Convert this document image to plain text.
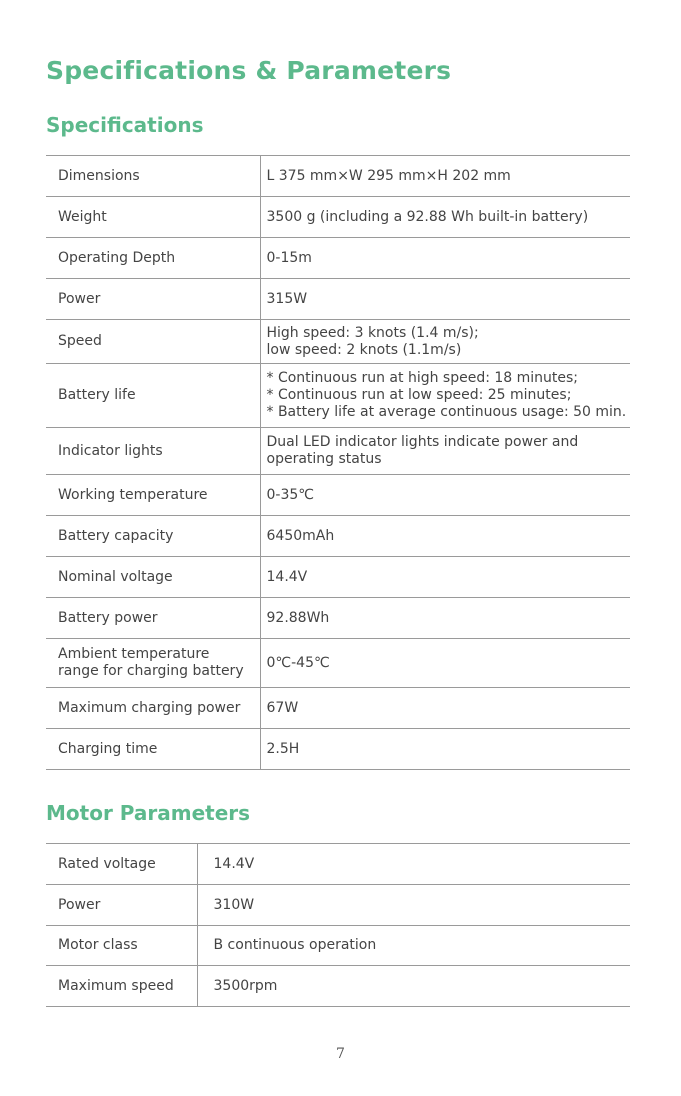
Specifications & Parameters
Specifications
Dimensions	L 375 mm×W 295 mm×H 202 mm
Weight	3500 g (including a 92.88 Wh built-in battery)
Operating Depth	0-15m
Power	315W
Speed	High speed: 3 knots (1.4 m/s);
low speed: 2 knots (1.1m/s)

Battery life	* Continuous run at high speed: 18 minutes;
* Continuous run at low speed: 25 minutes;
* Battery life at average continuous usage: 50 min.

Indicator lights	Dual LED indicator lights indicate power and
operating status

Working temperature	0-35℃
Battery capacity	6450mAh
Nominal voltage	14.4V
Battery power	92.88Wh

Ambient temperature
range for charging battery	0℃-45℃
Maximum charging power	67W
Charging time	2.5H
Motor Parameters
Rated voltage	14.4V
Power	310W
Motor class	B continuous operation
Maximum speed	3500rpm
7
